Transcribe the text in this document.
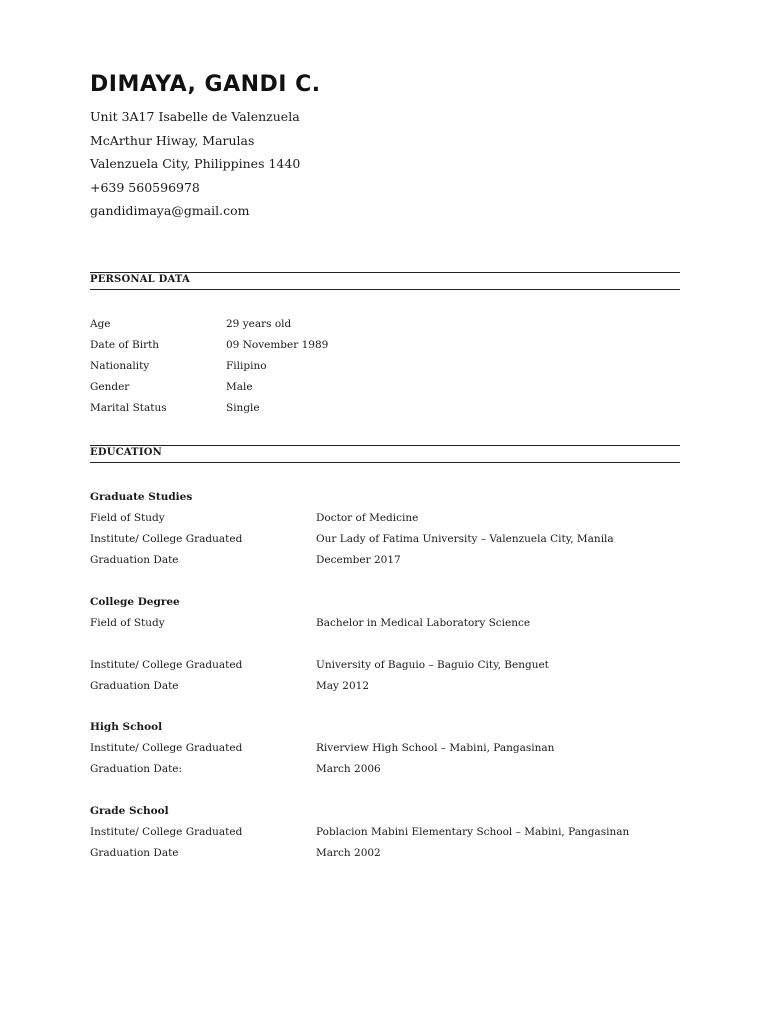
DIMAYA, GANDI C.
Unit 3A17 Isabelle de Valenzuela
McArthur Hiway, Marulas
Valenzuela City, Philippines 1440
+639 560596978
gandidimaya@gmail.com
PERSONAL DATA
Age	29 years old
Date of Birth	09 November 1989
Nationality	Filipino
Gender	Male
Marital Status	Single
EDUCATION
Graduate Studies
Field of Study	Doctor of Medicine
Institute/ College Graduated	Our Lady of Fatima University – Valenzuela City, Manila
Graduation Date	December 2017
College Degree
Field of Study	Bachelor in Medical Laboratory Science
Institute/ College Graduated	University of Baguio – Baguio City, Benguet
Graduation Date	May 2012
High School
Institute/ College Graduated	Riverview High School – Mabini, Pangasinan
Graduation Date:	March 2006
Grade School
Institute/ College Graduated	Poblacion Mabini Elementary School – Mabini, Pangasinan
Graduation Date	March 2002
